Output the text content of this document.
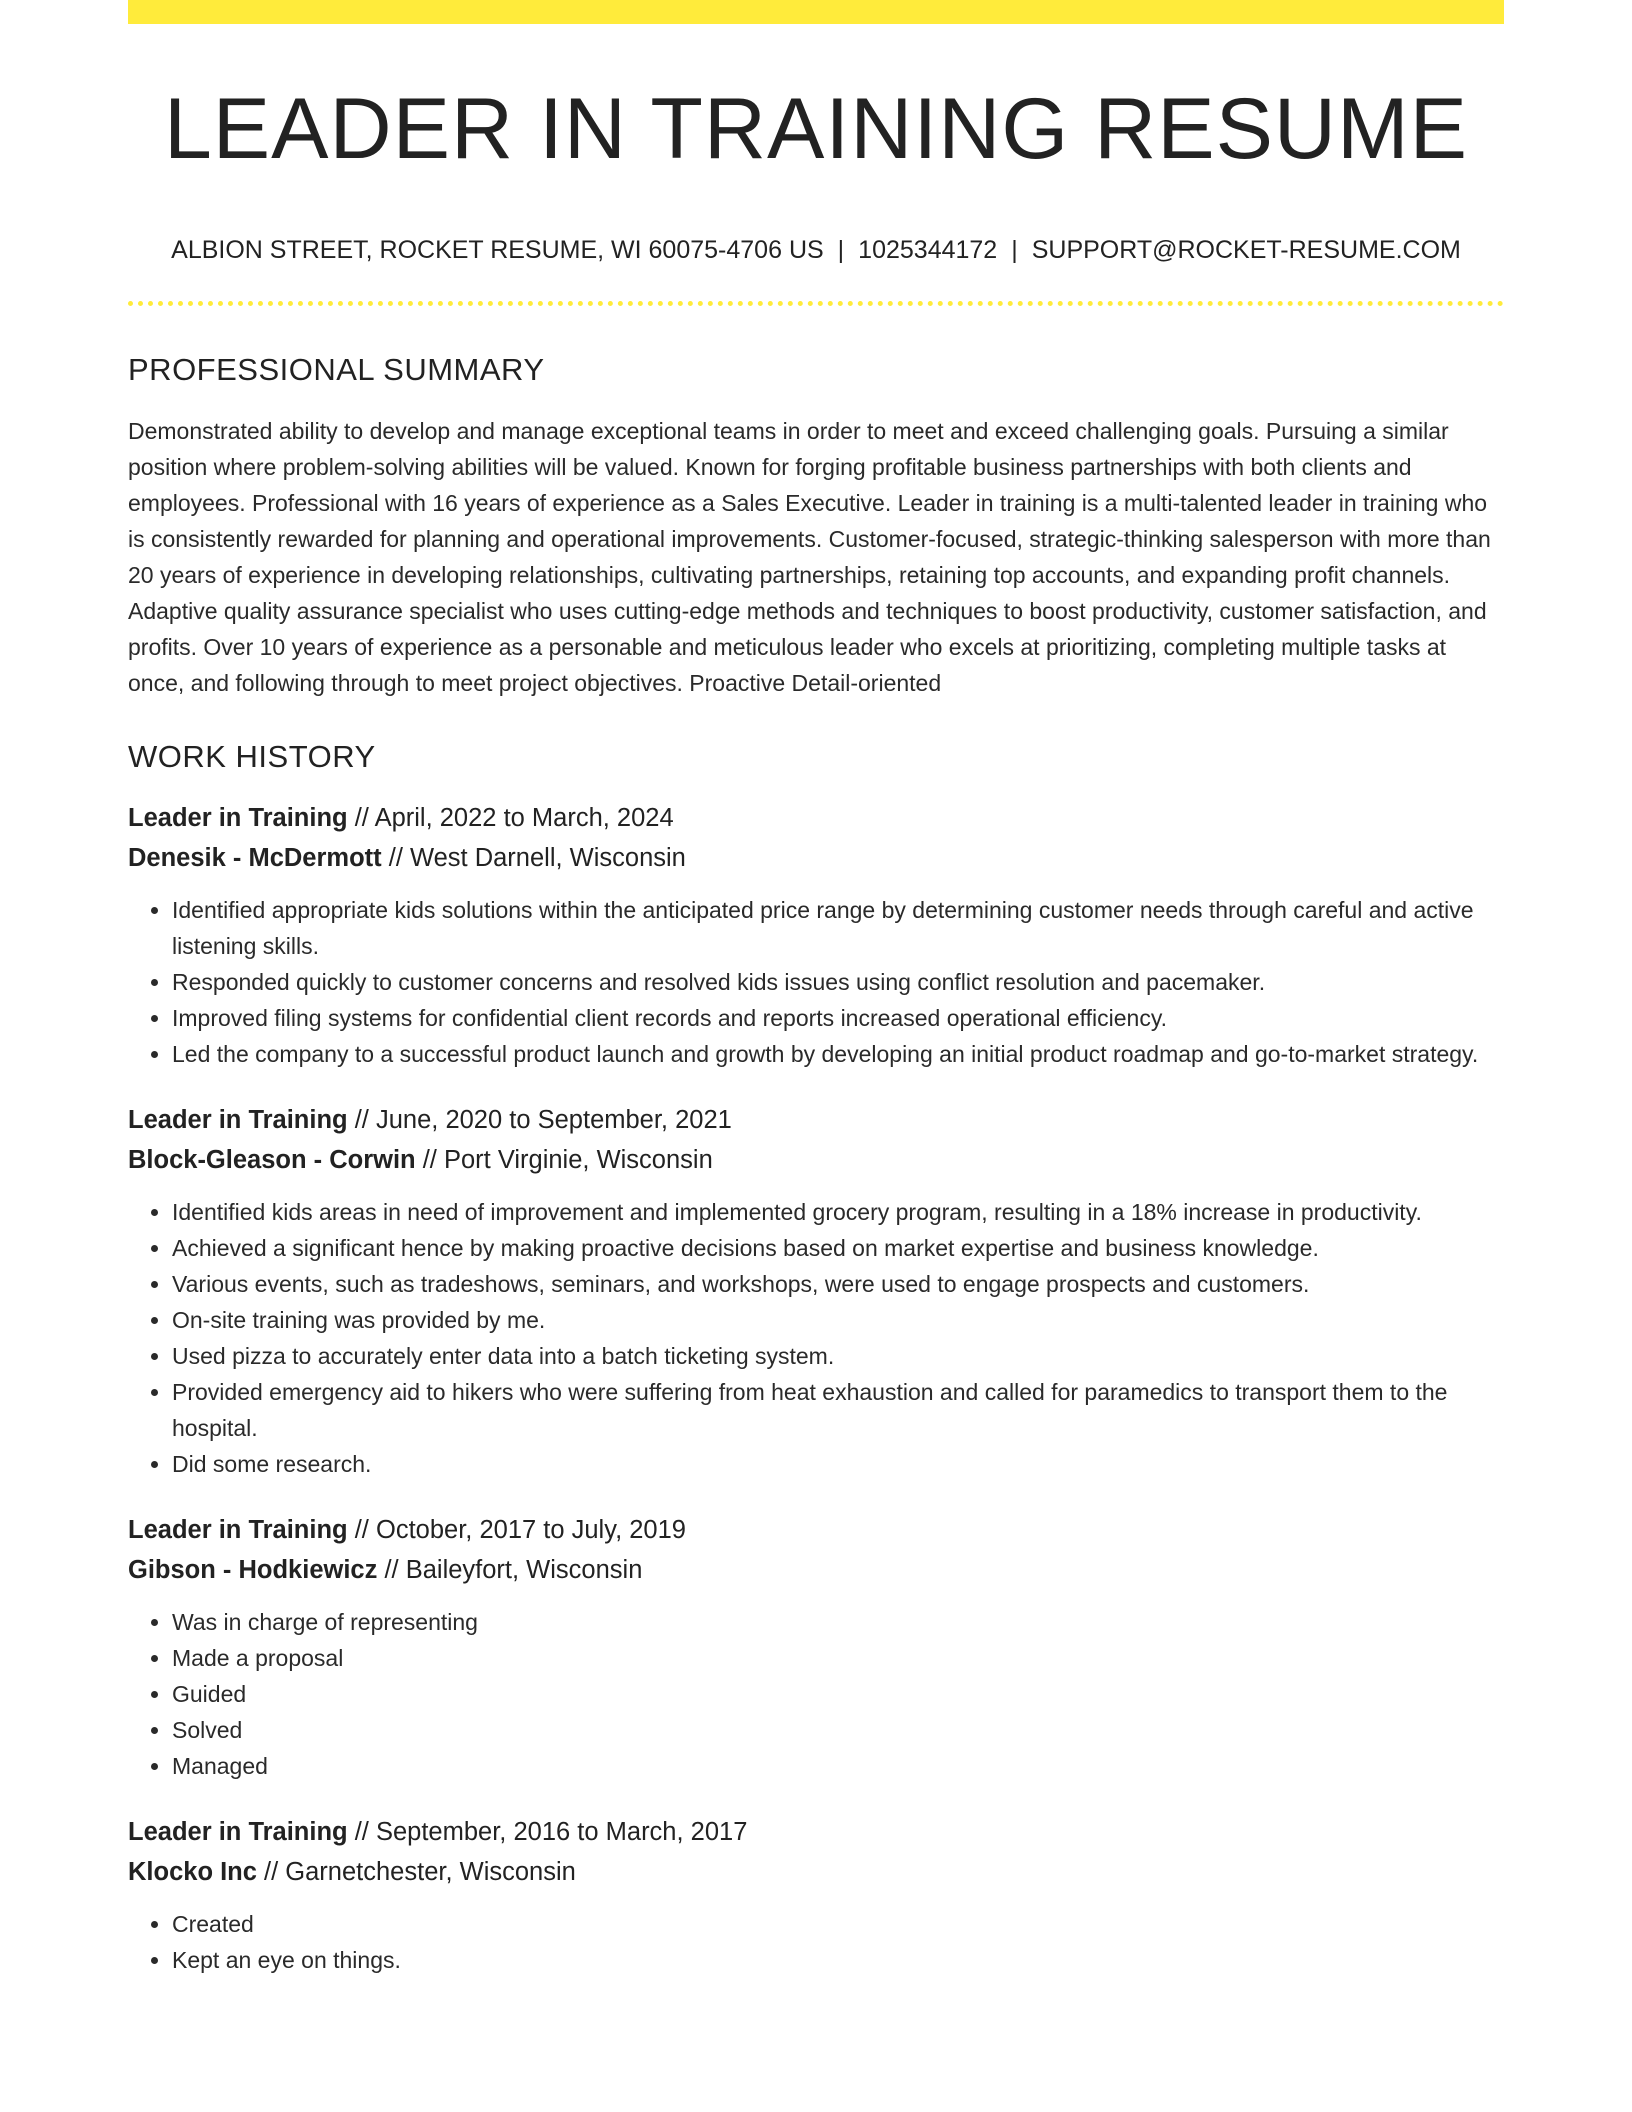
LEADER IN TRAINING RESUME
ALBION STREET, ROCKET RESUME, WI 60075-4706 US | 1025344172 | SUPPORT@ROCKET-RESUME.COM
PROFESSIONAL SUMMARY

Demonstrated ability to develop and manage exceptional teams in order to meet and exceed challenging goals. Pursuing a similar position where problem-solving abilities will be valued. Known for forging profitable business partnerships with both clients and employees. Professional with 16 years of experience as a Sales Executive. Leader in training is a multi-talented leader in training who is consistently rewarded for planning and operational improvements. Customer-focused, strategic-thinking salesperson with more than 20 years of experience in developing relationships, cultivating partnerships, retaining top accounts, and expanding profit channels. Adaptive quality assurance specialist who uses cutting-edge methods and techniques to boost productivity, customer satisfaction, and profits. Over 10 years of experience as a personable and meticulous leader who excels at prioritizing, completing multiple tasks at once, and following through to meet project objectives. Proactive Detail-oriented

WORK HISTORY
Leader in Training // April, 2022 to March, 2024
Denesik - McDermott // West Darnell, Wisconsin
• Identified appropriate kids solutions within the anticipated price range by determining customer needs through careful and active listening skills.
• Responded quickly to customer concerns and resolved kids issues using conflict resolution and pacemaker.
• Improved filing systems for confidential client records and reports increased operational efficiency.
• Led the company to a successful product launch and growth by developing an initial product roadmap and go-to-market strategy.
Leader in Training // June, 2020 to September, 2021
Block-Gleason - Corwin // Port Virginie, Wisconsin
• Identified kids areas in need of improvement and implemented grocery program, resulting in a 18% increase in productivity.
• Achieved a significant hence by making proactive decisions based on market expertise and business knowledge.
• Various events, such as tradeshows, seminars, and workshops, were used to engage prospects and customers.
• On-site training was provided by me.
• Used pizza to accurately enter data into a batch ticketing system.
• Provided emergency aid to hikers who were suffering from heat exhaustion and called for paramedics to transport them to the hospital.
• Did some research.
Leader in Training // October, 2017 to July, 2019
Gibson - Hodkiewicz // Baileyfort, Wisconsin
• Was in charge of representing
• Made a proposal
• Guided
• Solved
• Managed
Leader in Training // September, 2016 to March, 2017
Klocko Inc // Garnetchester, Wisconsin
• Created
• Kept an eye on things.
